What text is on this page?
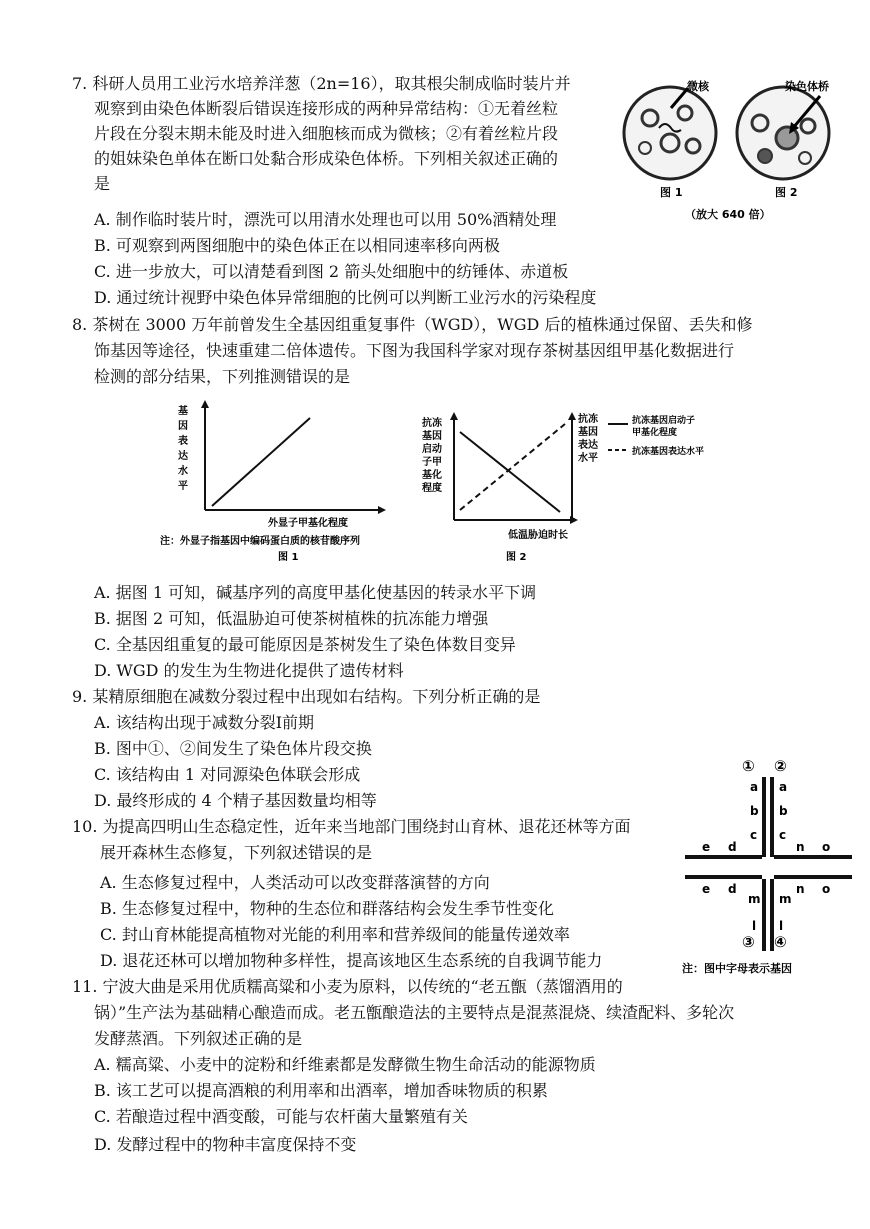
7. 科研人员用工业污水培养洋葱（2n=16），取其根尖制成临时装片并
观察到由染色体断裂后错误连接形成的两种异常结构：①无着丝粒
片段在分裂末期未能及时进入细胞核而成为微核；②有着丝粒片段
的姐妹染色单体在断口处黏合形成染色体桥。下列相关叙述正确的
是
A. 制作临时装片时，漂洗可以用清水处理也可以用 50%酒精处理
B. 可观察到两图细胞中的染色体正在以相同速率移向两极
C. 进一步放大，可以清楚看到图 2 箭头处细胞中的纺锤体、赤道板
D. 通过统计视野中染色体异常细胞的比例可以判断工业污水的污染程度
微核	染色体桥
图 1	图 2
（放大 640 倍）
8. 茶树在 3000 万年前曾发生全基因组重复事件（WGD），WGD 后的植株通过保留、丢失和修
饰基因等途径，快速重建二倍体遗传。下图为我国科学家对现存茶树基因组甲基化数据进行
检测的部分结果，下列推测错误的是
基
因
表
达
水
平
外显子甲基化程度
注：外显子指基因中编码蛋白质的核苷酸序列
图 1
抗冻
基因
启动
子甲
基化
程度
抗冻
基因
表达
水平
抗冻基因启动子
甲基化程度
抗冻基因表达水平
低温胁迫时长
图 2
A. 据图 1 可知，碱基序列的高度甲基化使基因的转录水平下调
B. 据图 2 可知，低温胁迫可使茶树植株的抗冻能力增强
C. 全基因组重复的最可能原因是茶树发生了染色体数目变异
D. WGD 的发生为生物进化提供了遗传材料
9. 某精原细胞在减数分裂过程中出现如右结构。下列分析正确的是
A. 该结构出现于减数分裂Ⅰ前期
B. 图中①、②间发生了染色体片段交换
C. 该结构由 1 对同源染色体联会形成
D. 最终形成的 4 个精子基因数量均相等
① ②
a
b
c
a
b
c
e d
e d
n o
n o
m
l
m
l
③ ④
注：图中字母表示基因
10. 为提高四明山生态稳定性，近年来当地部门围绕封山育林、退花还林等方面
展开森林生态修复，下列叙述错误的是
A. 生态修复过程中，人类活动可以改变群落演替的方向
B. 生态修复过程中，物种的生态位和群落结构会发生季节性变化
C. 封山育林能提高植物对光能的利用率和营养级间的能量传递效率
D. 退花还林可以增加物种多样性，提高该地区生态系统的自我调节能力
11. 宁波大曲是采用优质糯高粱和小麦为原料，以传统的“老五甑（蒸馏酒用的
锅）”生产法为基础精心酿造而成。老五甑酿造法的主要特点是混蒸混烧、续渣配料、多轮次
发酵蒸酒。下列叙述正确的是
A. 糯高粱、小麦中的淀粉和纤维素都是发酵微生物生命活动的能源物质
B. 该工艺可以提高酒粮的利用率和出酒率，增加香味物质的积累
C. 若酿造过程中酒变酸，可能与农杆菌大量繁殖有关
D. 发酵过程中的物种丰富度保持不变
